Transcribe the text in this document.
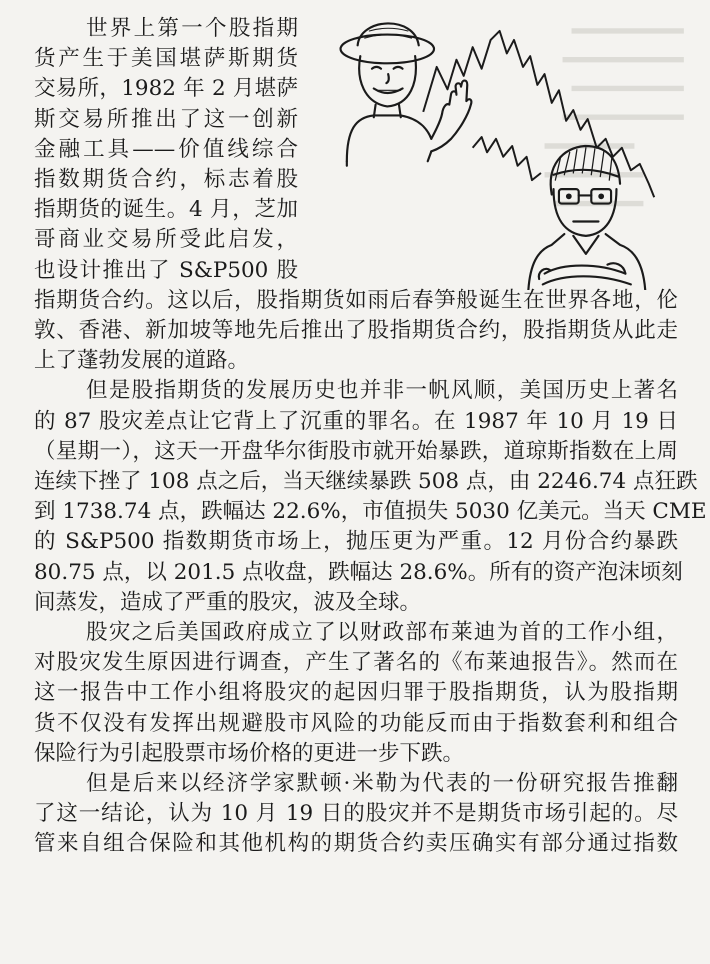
世界上第一个股指期
货产生于美国堪萨斯期货
交易所，1982 年 2 月堪萨
斯交易所推出了这一创新
金融工具——价值线综合
指数期货合约，标志着股
指期货的诞生。4 月，芝加
哥商业交易所受此启发，
也设计推出了 S&P500 股
指期货合约。这以后，股指期货如雨后春笋般诞生在世界各地，伦
敦、香港、新加坡等地先后推出了股指期货合约，股指期货从此走
上了蓬勃发展的道路。
但是股指期货的发展历史也并非一帆风顺，美国历史上著名
的 87 股灾差点让它背上了沉重的罪名。在 1987 年 10 月 19 日
（星期一），这天一开盘华尔街股市就开始暴跌，道琼斯指数在上周
连续下挫了 108 点之后，当天继续暴跌 508 点，由 2246.74 点狂跌
到 1738.74 点，跌幅达 22.6%，市值损失 5030 亿美元。当天 CME
的 S&P500 指数期货市场上，抛压更为严重。12 月份合约暴跌
80.75 点，以 201.5 点收盘，跌幅达 28.6%。所有的资产泡沫顷刻
间蒸发，造成了严重的股灾，波及全球。
股灾之后美国政府成立了以财政部布莱迪为首的工作小组，
对股灾发生原因进行调查，产生了著名的《布莱迪报告》。然而在
这一报告中工作小组将股灾的起因归罪于股指期货，认为股指期
货不仅没有发挥出规避股市风险的功能反而由于指数套利和组合
保险行为引起股票市场价格的更进一步下跌。
但是后来以经济学家默顿·米勒为代表的一份研究报告推翻
了这一结论，认为 10 月 19 日的股灾并不是期货市场引起的。尽
管来自组合保险和其他机构的期货合约卖压确实有部分通过指数
